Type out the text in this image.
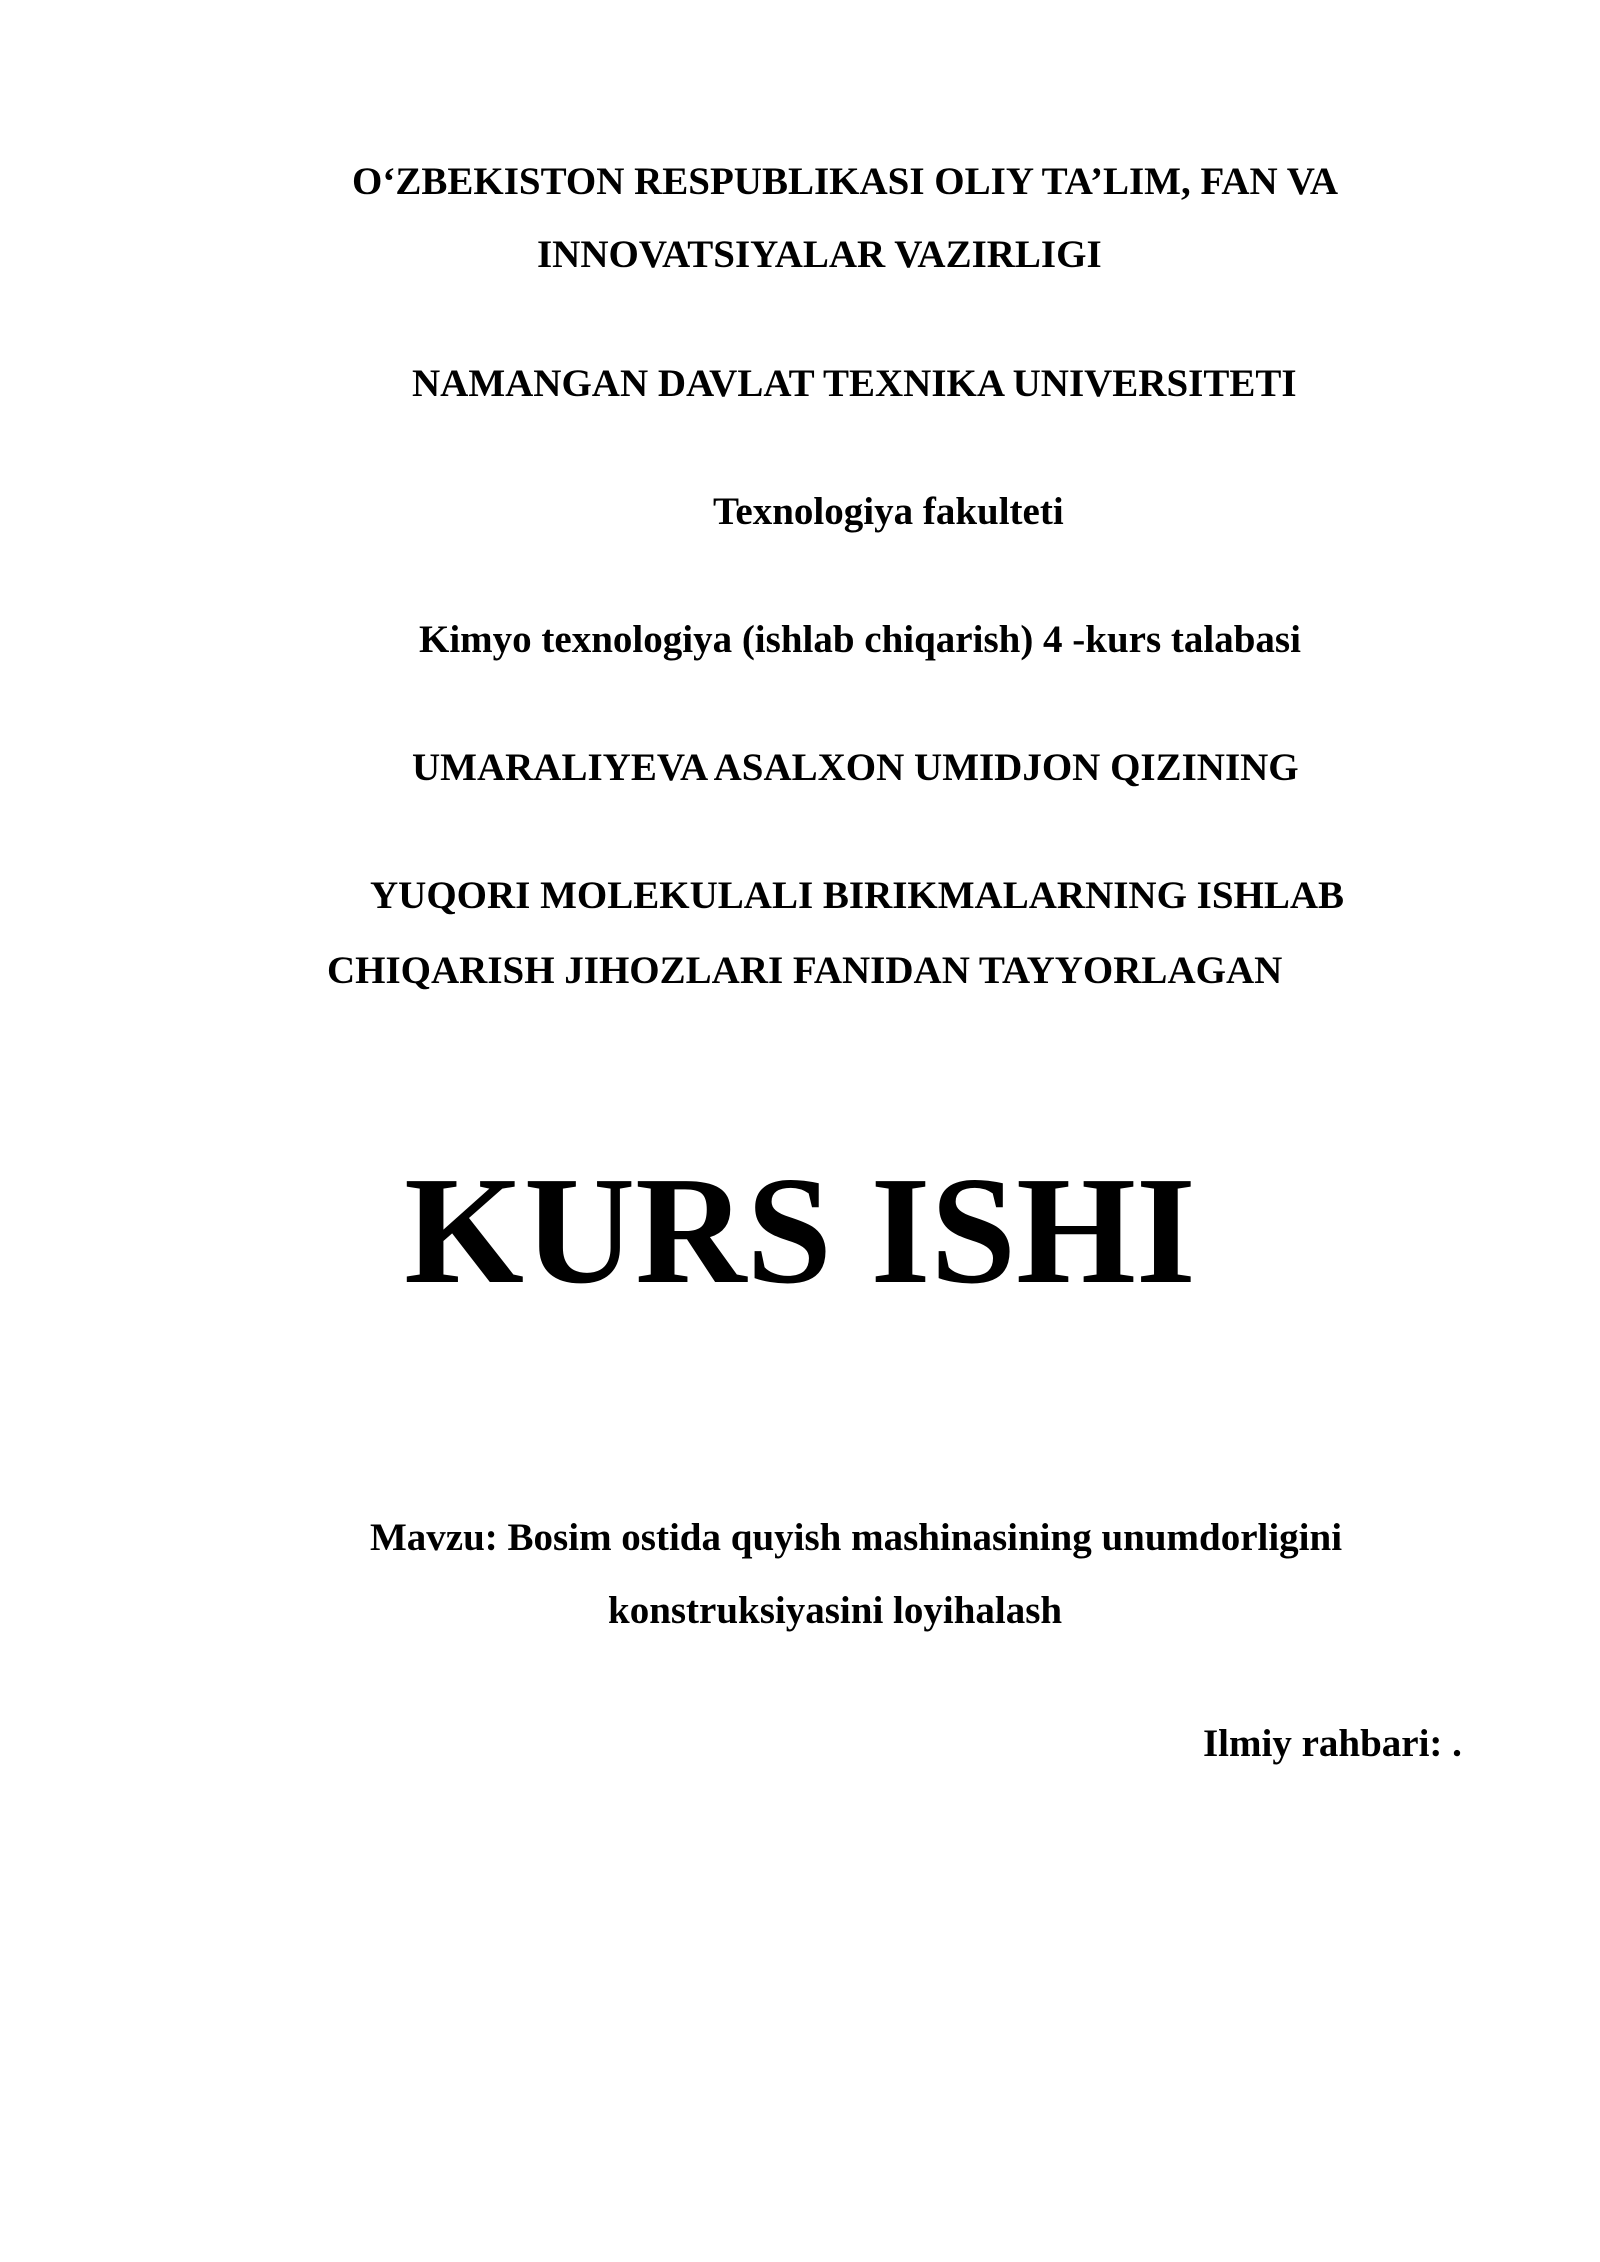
O‘ZBEKISTON RESPUBLIKASI OLIY TA’LIM, FAN VA
INNOVATSIYALAR VAZIRLIGI
NAMANGAN DAVLAT TEXNIKA UNIVERSITETI
Texnologiya fakulteti
Kimyo texnologiya (ishlab chiqarish) 4 -kurs talabasi
UMARALIYEVA ASALXON UMIDJON QIZINING
YUQORI MOLEKULALI BIRIKMALARNING ISHLAB
CHIQARISH JIHOZLARI FANIDAN TAYYORLAGAN
KURS ISHI
Mavzu: Bosim ostida quyish mashinasining unumdorligini
konstruksiyasini loyihalash
Ilmiy rahbari: .
